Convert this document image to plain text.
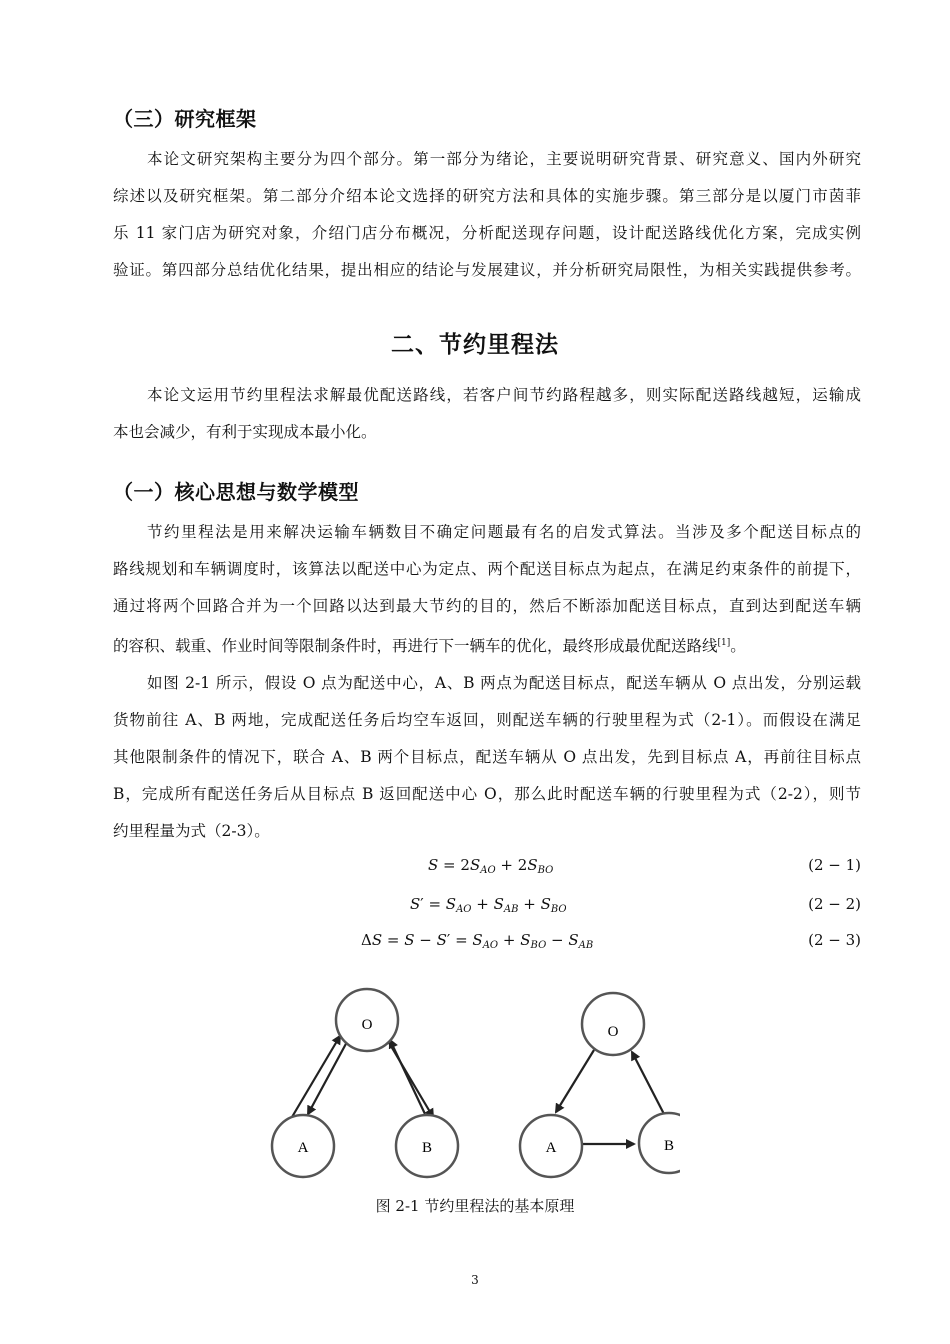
（三）研究框架
本论文研究架构主要分为四个部分。第一部分为绪论，主要说明研究背景、研究意义、国内外研究
综述以及研究框架。第二部分介绍本论文选择的研究方法和具体的实施步骤。第三部分是以厦门市茵菲
乐 11 家门店为研究对象，介绍门店分布概况，分析配送现存问题，设计配送路线优化方案，完成实例
验证。第四部分总结优化结果，提出相应的结论与发展建议，并分析研究局限性，为相关实践提供参考。
二、节约里程法
本论文运用节约里程法求解最优配送路线，若客户间节约路程越多，则实际配送路线越短，运输成
本也会减少，有利于实现成本最小化。
（一）核心思想与数学模型
节约里程法是用来解决运输车辆数目不确定问题最有名的启发式算法。当涉及多个配送目标点的
路线规划和车辆调度时，该算法以配送中心为定点、两个配送目标点为起点，在满足约束条件的前提下，
通过将两个回路合并为一个回路以达到最大节约的目的，然后不断添加配送目标点，直到达到配送车辆
的容积、载重、作业时间等限制条件时，再进行下一辆车的优化，最终形成最优配送路线[1]。
如图 2-1 所示，假设 O 点为配送中心，A、B 两点为配送目标点，配送车辆从 O 点出发，分别运载
货物前往 A、B 两地，完成配送任务后均空车返回，则配送车辆的行驶里程为式（2-1）。而假设在满足
其他限制条件的情况下，联合 A、B 两个目标点，配送车辆从 O 点出发，先到目标点 A，再前往目标点
B，完成所有配送任务后从目标点 B 返回配送中心 O，那么此时配送车辆的行驶里程为式（2-2），则节
约里程量为式（2-3）。
$S = 2S_{AO} + 2S_{BO}$	(2 − 1)
$S' = S_{AO} + S_{AB} + S_{BO}$	(2 − 2)
$\Delta S = S - S' = S_{AO} + S_{BO} - S_{AB}$	(2 − 3)
O
A	B
O
A	B
图 2-1 节约里程法的基本原理
3
